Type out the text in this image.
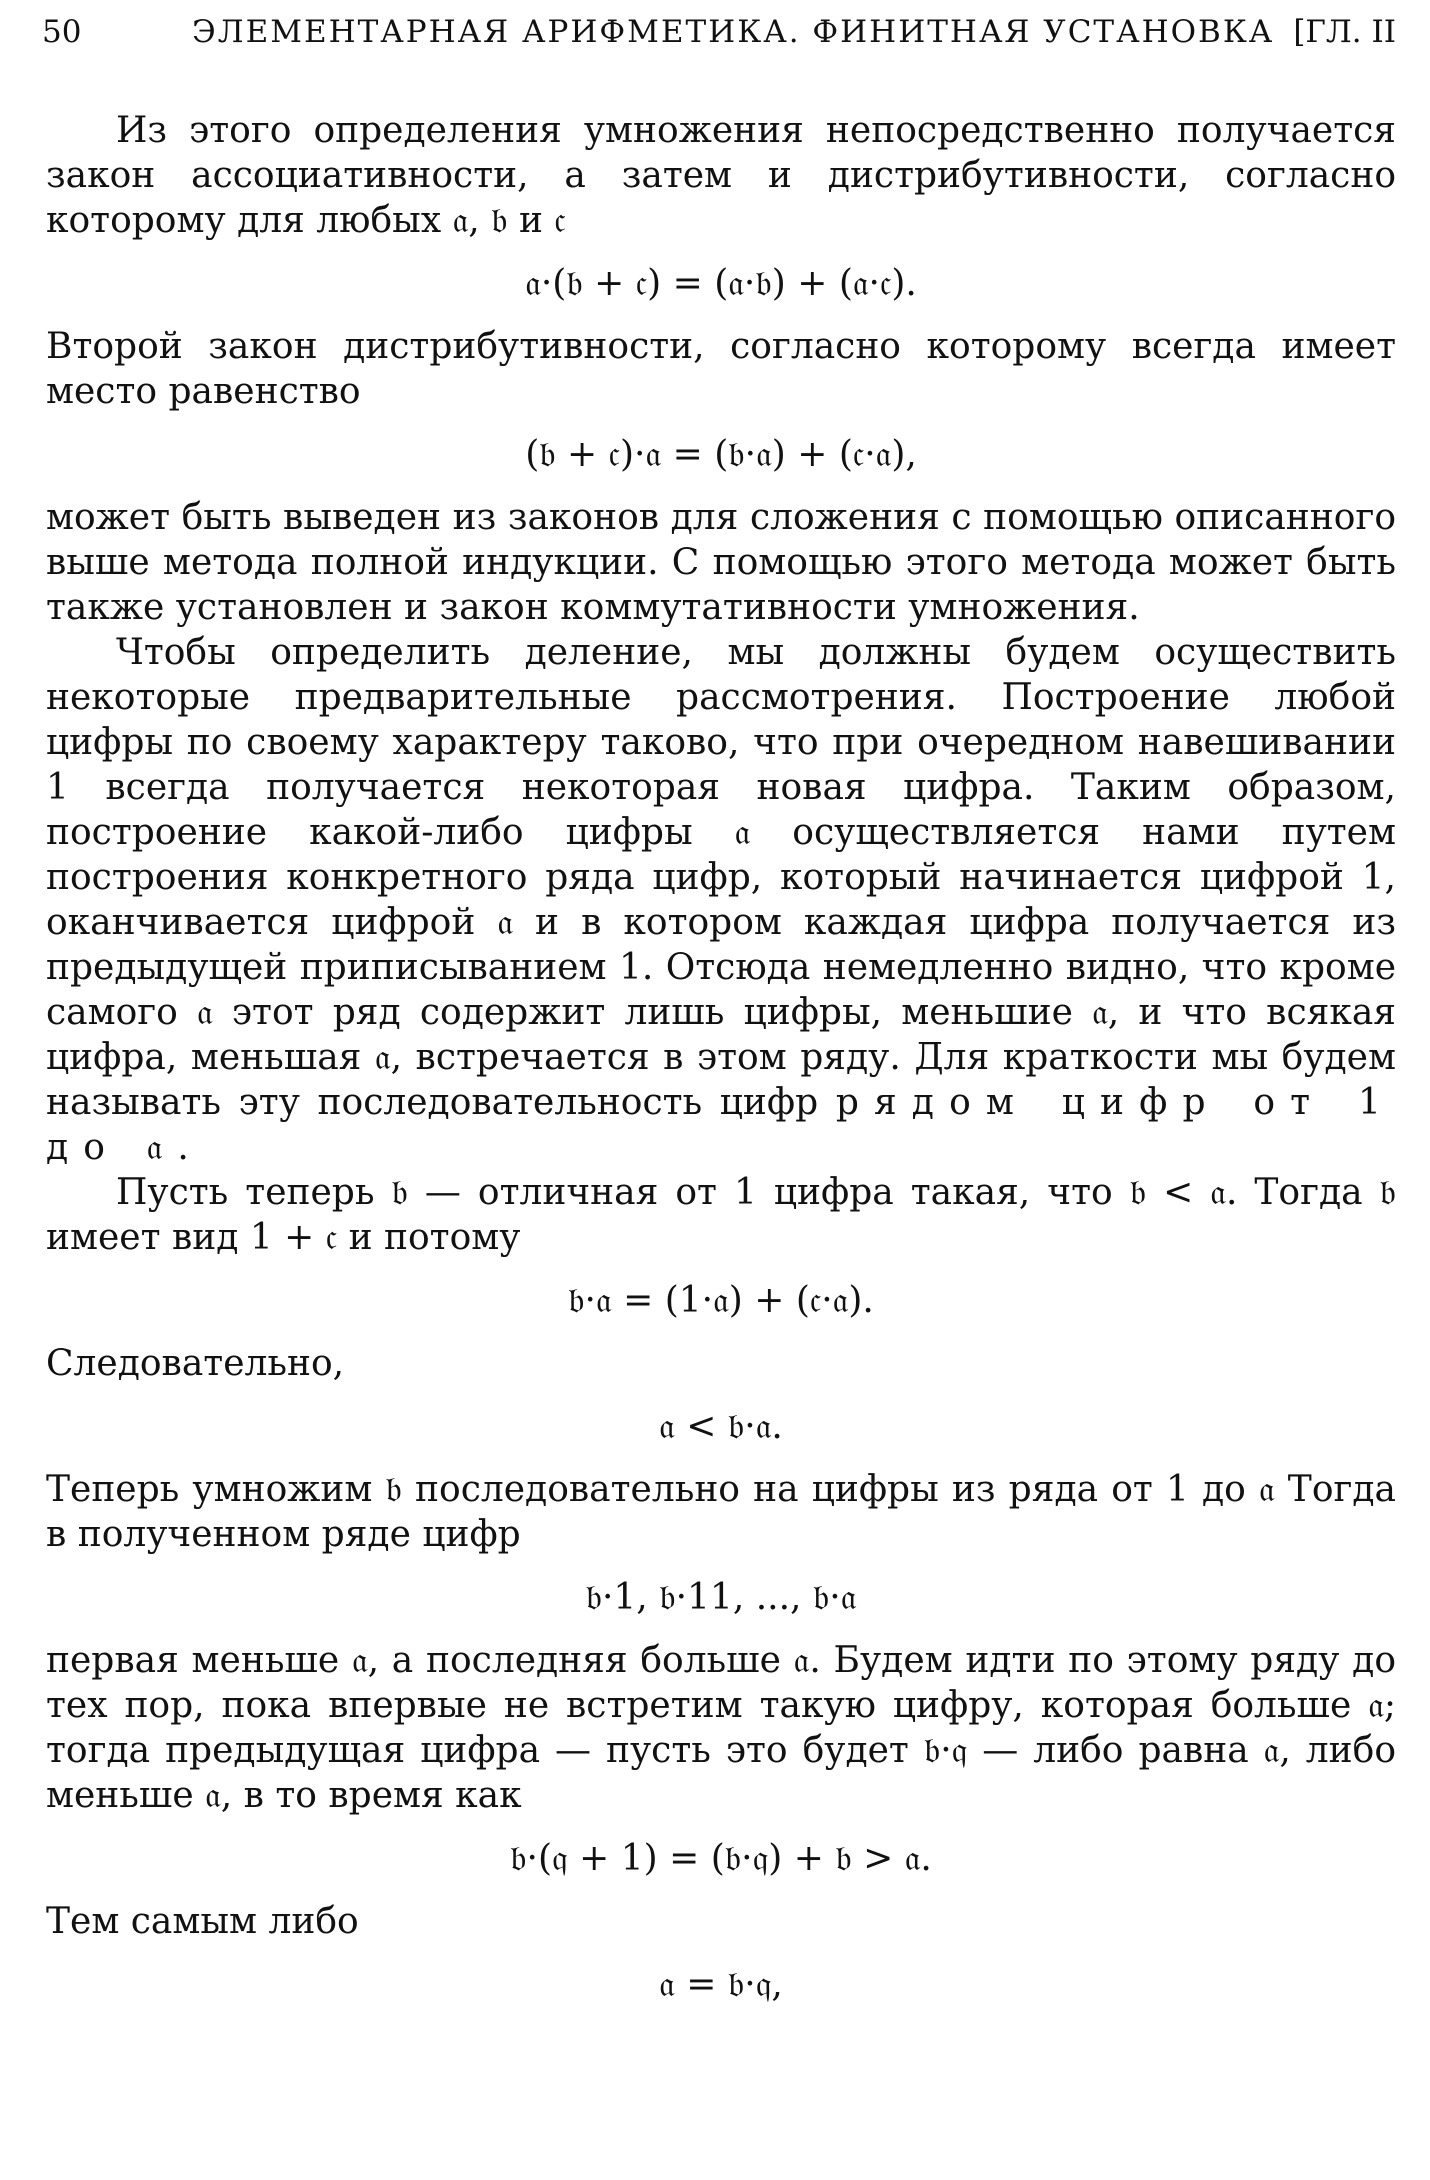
50	ЭЛЕМЕНТАРНАЯ АРИФМЕТИКА. ФИНИТНАЯ УСТАНОВКА [ГЛ. II

Из этого определения умножения непосредственно получается закон ассоциативности, а затем и дистрибутивности, согласно которому для любых 𝔞, 𝔟 и 𝔠

𝔞·(𝔟 + 𝔠) = (𝔞·𝔟) + (𝔞·𝔠).

Второй закон дистрибутивности, согласно которому всегда имеет место равенство

(𝔟 + 𝔠)·𝔞 = (𝔟·𝔞) + (𝔠·𝔞),

может быть выведен из законов для сложения с помощью описанного выше метода полной индукции. С помощью этого метода может быть также установлен и закон коммутативности умножения.

Чтобы определить деление, мы должны будем осуществить некоторые предварительные рассмотрения. Построение любой цифры по своему характеру таково, что при очередном навешивании 1 всегда получается некоторая новая цифра. Таким образом, построение какой-либо цифры 𝔞 осуществляется нами путем построения конкретного ряда цифр, который начинается цифрой 1, оканчивается цифрой 𝔞 и в котором каждая цифра получается из предыдущей приписыванием 1. Отсюда немедленно видно, что кроме самого 𝔞 этот ряд содержит лишь цифры, меньшие 𝔞, и что всякая цифра, меньшая 𝔞, встречается в этом ряду. Для краткости мы будем называть эту последовательность цифр рядом цифр от 1 до 𝔞.

Пусть теперь 𝔟 — отличная от 1 цифра такая, что 𝔟 < 𝔞. Тогда 𝔟 имеет вид 1 + 𝔠 и потому

𝔟·𝔞 = (1·𝔞) + (𝔠·𝔞).

Следовательно,

𝔞 < 𝔟·𝔞.

Теперь умножим 𝔟 последовательно на цифры из ряда от 1 до 𝔞 Тогда в полученном ряде цифр

𝔟·1, 𝔟·11, ..., 𝔟·𝔞

первая меньше 𝔞, а последняя больше 𝔞. Будем идти по этому ряду до тех пор, пока впервые не встретим такую цифру, которая больше 𝔞; тогда предыдущая цифра — пусть это будет 𝔟·𝔮 — либо равна 𝔞, либо меньше 𝔞, в то время как

𝔟·(𝔮 + 1) = (𝔟·𝔮) + 𝔟 > 𝔞.

Тем самым либо

𝔞 = 𝔟·𝔮,
